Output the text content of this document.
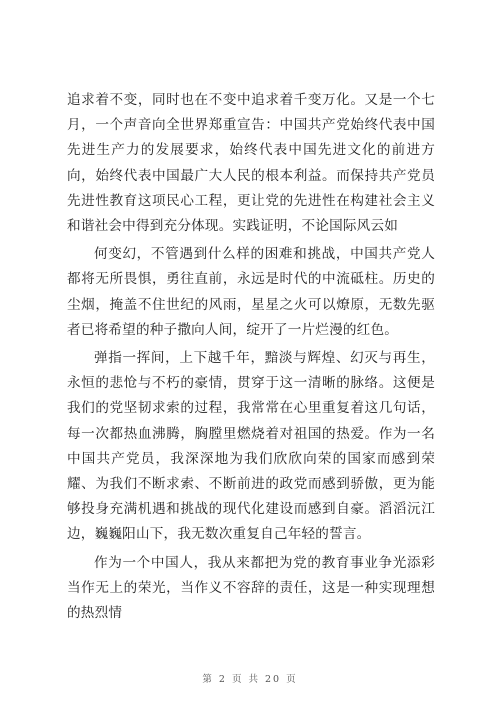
追求着不变，同时也在不变中追求着千变万化。又是一个七月，一个声音向全世界郑重宣告：中国共产党始终代表中国先进生产力的发展要求，始终代表中国先进文化的前进方向，始终代表中国最广大人民的根本利益。而保持共产党员先进性教育这项民心工程，更让党的先进性在构建社会主义和谐社会中得到充分体现。实践证明，不论国际风云如

何变幻，不管遇到什么样的困难和挑战，中国共产党人都将无所畏惧，勇往直前，永远是时代的中流砥柱。历史的尘烟，掩盖不住世纪的风雨，星星之火可以燎原，无数先驱者已将希望的种子撒向人间，绽开了一片烂漫的红色。

弹指一挥间，上下越千年，黯淡与辉煌、幻灭与再生，永恒的悲怆与不朽的豪情，贯穿于这一清晰的脉络。这便是我们的党坚韧求索的过程，我常常在心里重复着这几句话，每一次都热血沸腾，胸膛里燃烧着对祖国的热爱。作为一名中国共产党员，我深深地为我们欣欣向荣的国家而感到荣耀、为我们不断求索、不断前进的政党而感到骄傲，更为能够投身充满机遇和挑战的现代化建设而感到自豪。滔滔沅江边，巍巍阳山下，我无数次重复自己年轻的誓言。

作为一个中国人，我从来都把为党的教育事业争光添彩当作无上的荣光，当作义不容辞的责任，这是一种实现理想的热烈情

第 2 页 共 20 页
